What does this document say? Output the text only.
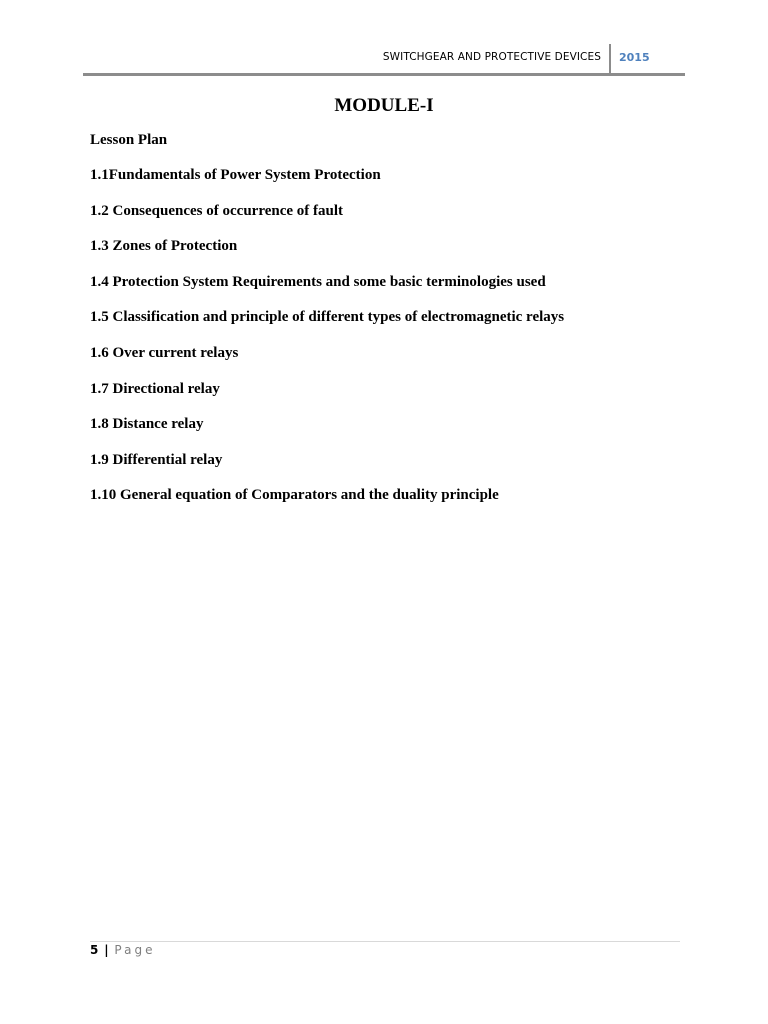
SWITCHGEAR AND PROTECTIVE DEVICES 2015
MODULE-I
Lesson Plan
1.1Fundamentals of Power System Protection
1.2 Consequences of occurrence of fault
1.3 Zones of Protection
1.4 Protection System Requirements and some basic terminologies used
1.5 Classification and principle of different types of electromagnetic relays
1.6 Over current relays
1.7 Directional relay
1.8 Distance relay
1.9 Differential relay
1.10 General equation of Comparators and the duality principle
5 | Page
